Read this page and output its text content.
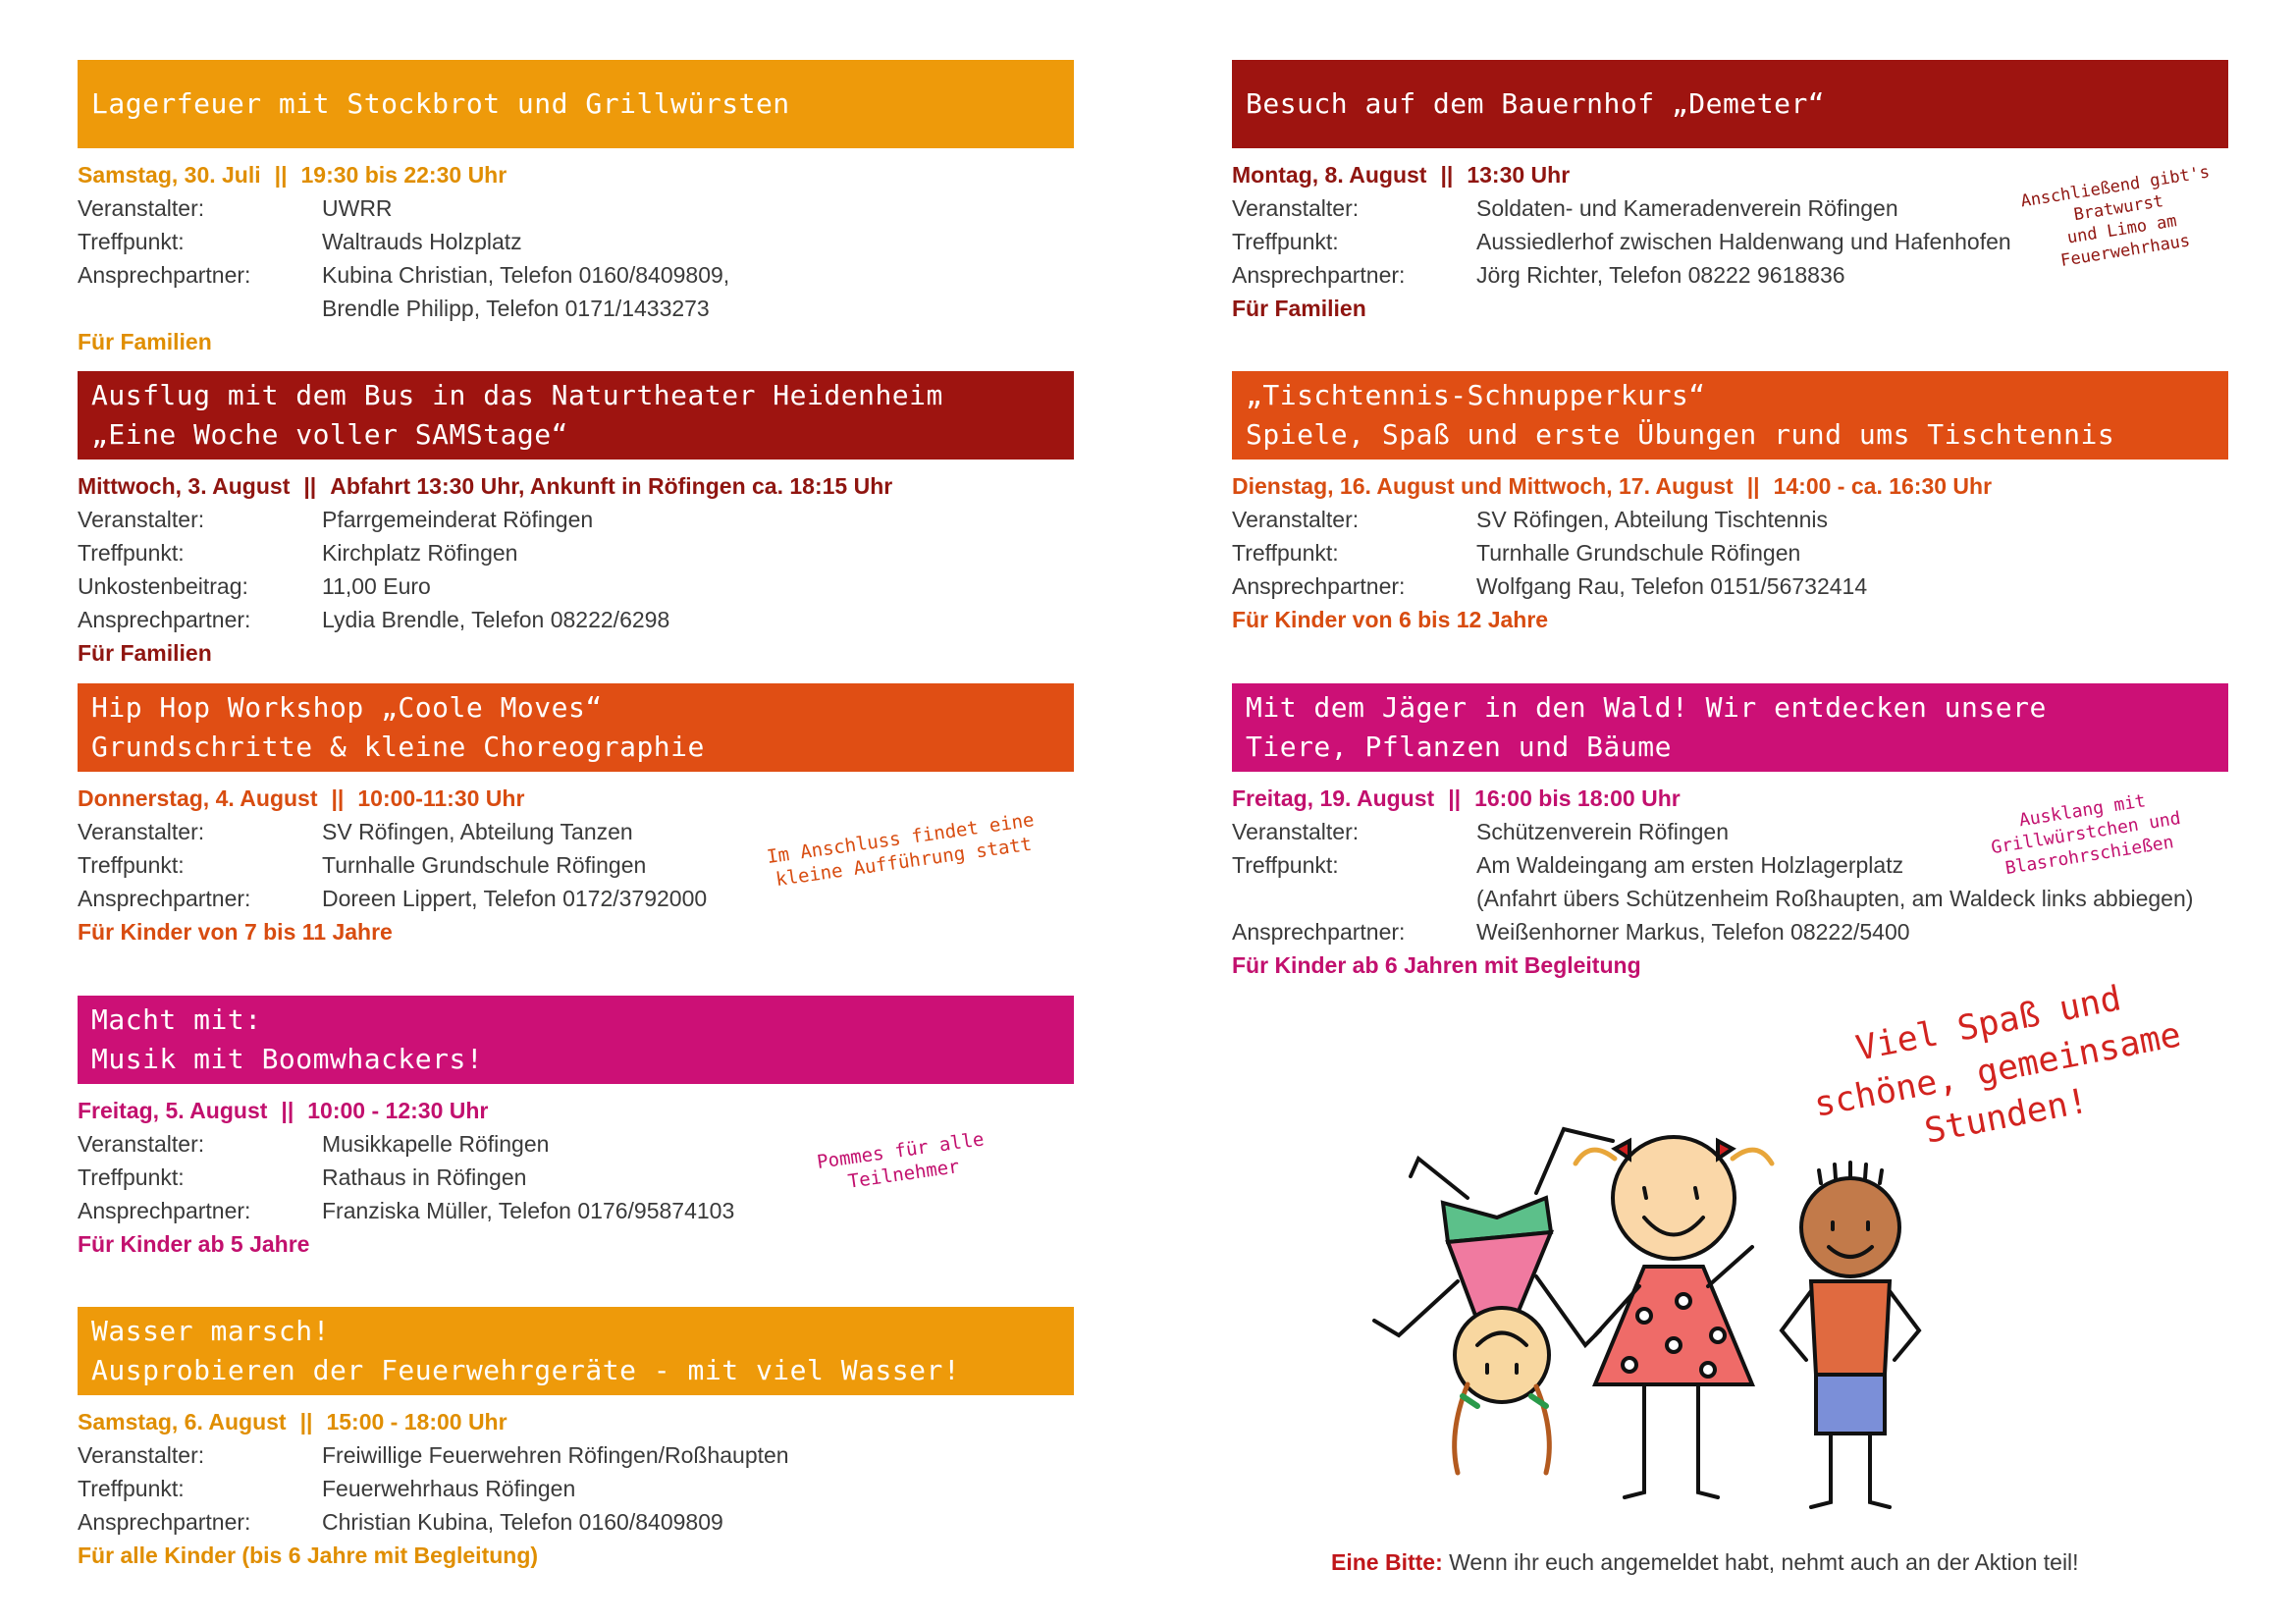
Lagerfeuer mit Stockbrot und Grillwürsten
Samstag, 30. Juli || 19:30 bis 22:30 Uhr
Veranstalter:	UWRR
Treffpunkt:	Waltrauds Holzplatz
Ansprechpartner:	Kubina Christian, Telefon 0160/8409809,
Brendle Philipp, Telefon 0171/1433273
Für Familien
Ausflug mit dem Bus in das Naturtheater Heidenheim
„Eine Woche voller SAMStage“
Mittwoch, 3. August || Abfahrt 13:30 Uhr, Ankunft in Röfingen ca. 18:15 Uhr
Veranstalter:	Pfarrgemeinderat Röfingen
Treffpunkt:	Kirchplatz Röfingen
Unkostenbeitrag:	11,00 Euro
Ansprechpartner:	Lydia Brendle, Telefon 08222/6298
Für Familien
Hip Hop Workshop „Coole Moves“
Grundschritte & kleine Choreographie
Donnerstag, 4. August || 10:00-11:30 Uhr
Veranstalter:	SV Röfingen, Abteilung Tanzen
Treffpunkt:	Turnhalle Grundschule Röfingen
Ansprechpartner:	Doreen Lippert, Telefon 0172/3792000
Für Kinder von 7 bis 11 Jahre
Im Anschluss findet eine
kleine Aufführung statt
Macht mit:
Musik mit Boomwhackers!
Freitag, 5. August || 10:00 - 12:30 Uhr
Veranstalter:	Musikkapelle Röfingen
Treffpunkt:	Rathaus in Röfingen
Ansprechpartner:	Franziska Müller, Telefon 0176/95874103
Für Kinder ab 5 Jahre
Pommes für alle
Teilnehmer
Wasser marsch!
Ausprobieren der Feuerwehrgeräte - mit viel Wasser!
Samstag, 6. August || 15:00 - 18:00 Uhr
Veranstalter:	Freiwillige Feuerwehren Röfingen/Roßhaupten
Treffpunkt:	Feuerwehrhaus Röfingen
Ansprechpartner:	Christian Kubina, Telefon 0160/8409809
Für alle Kinder (bis 6 Jahre mit Begleitung)
Besuch auf dem Bauernhof „Demeter“
Montag, 8. August || 13:30 Uhr
Veranstalter:	Soldaten- und Kameradenverein Röfingen
Treffpunkt:	Aussiedlerhof zwischen Haldenwang und Hafenhofen
Ansprechpartner:	Jörg Richter, Telefon 08222 9618836
Für Familien
Anschließend gibt's
Bratwurst
und Limo am
Feuerwehrhaus
„Tischtennis-Schnupperkurs“
Spiele, Spaß und erste Übungen rund ums Tischtennis
Dienstag, 16. August und Mittwoch, 17. August || 14:00 - ca. 16:30 Uhr
Veranstalter:	SV Röfingen, Abteilung Tischtennis
Treffpunkt:	Turnhalle Grundschule Röfingen
Ansprechpartner:	Wolfgang Rau, Telefon 0151/56732414
Für Kinder von 6 bis 12 Jahre
Mit dem Jäger in den Wald! Wir entdecken unsere
Tiere, Pflanzen und Bäume
Freitag, 19. August || 16:00 bis 18:00 Uhr
Veranstalter:	Schützenverein Röfingen
Treffpunkt:	Am Waldeingang am ersten Holzlagerplatz
(Anfahrt übers Schützenheim Roßhaupten, am Waldeck links abbiegen)
Ansprechpartner:	Weißenhorner Markus, Telefon 08222/5400
Für Kinder ab 6 Jahren mit Begleitung
Ausklang mit
Grillwürstchen und
Blasrohrschießen
Viel Spaß und
schöne, gemeinsame
Stunden!
Eine Bitte: Wenn ihr euch angemeldet habt, nehmt auch an der Aktion teil!
